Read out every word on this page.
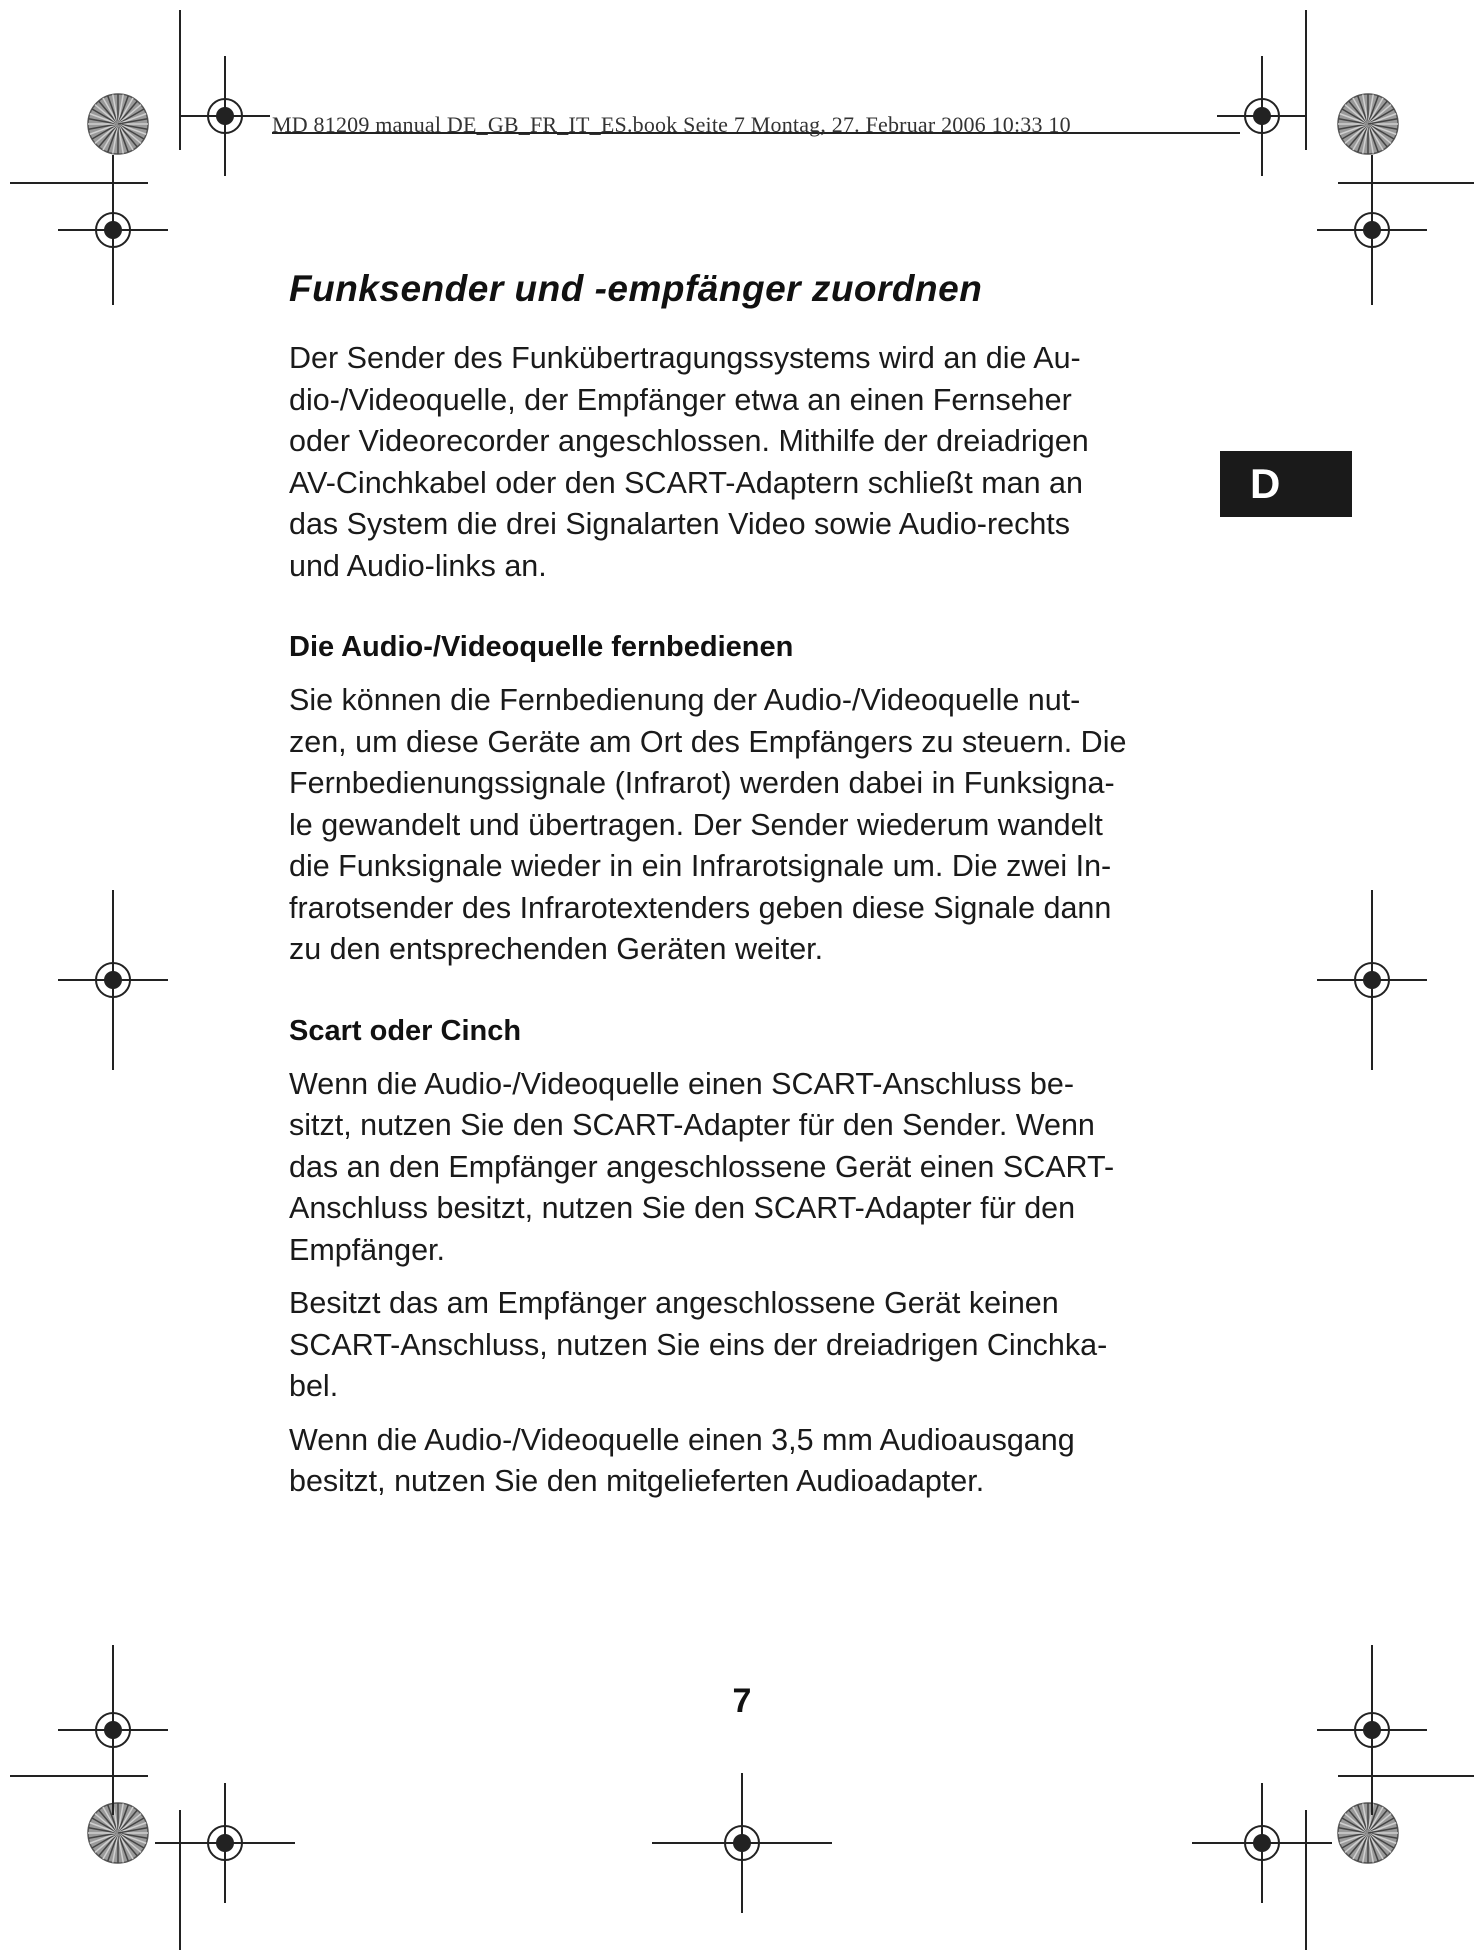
MD 81209 manual DE_GB_FR_IT_ES.book Seite 7 Montag, 27. Februar 2006 10:33 10
Funksender und -empfänger zuordnen

Der Sender des Funkübertragungssystems wird an die Au-
dio-/Videoquelle, der Empfänger etwa an einen Fernseher
oder Videorecorder angeschlossen. Mithilfe der dreiadrigen
AV-Cinchkabel oder den SCART-Adaptern schließt man an
das System die drei Signalarten Video sowie Audio-rechts
und Audio-links an.

Die Audio-/Videoquelle fernbedienen

Sie können die Fernbedienung der Audio-/Videoquelle nut-
zen, um diese Geräte am Ort des Empfängers zu steuern. Die
Fernbedienungssignale (Infrarot) werden dabei in Funksigna-
le gewandelt und übertragen. Der Sender wiederum wandelt
die Funksignale wieder in ein Infrarotsignale um. Die zwei In-
frarotsender des Infrarotextenders geben diese Signale dann
zu den entsprechenden Geräten weiter.

Scart oder Cinch

Wenn die Audio-/Videoquelle einen SCART-Anschluss be-
sitzt, nutzen Sie den SCART-Adapter für den Sender. Wenn
das an den Empfänger angeschlossene Gerät einen SCART-
Anschluss besitzt, nutzen Sie den SCART-Adapter für den
Empfänger.

Besitzt das am Empfänger angeschlossene Gerät keinen
SCART-Anschluss, nutzen Sie eins der dreiadrigen Cinchka-
bel.

Wenn die Audio-/Videoquelle einen 3,5 mm Audioausgang
besitzt, nutzen Sie den mitgelieferten Audioadapter.

D
7
